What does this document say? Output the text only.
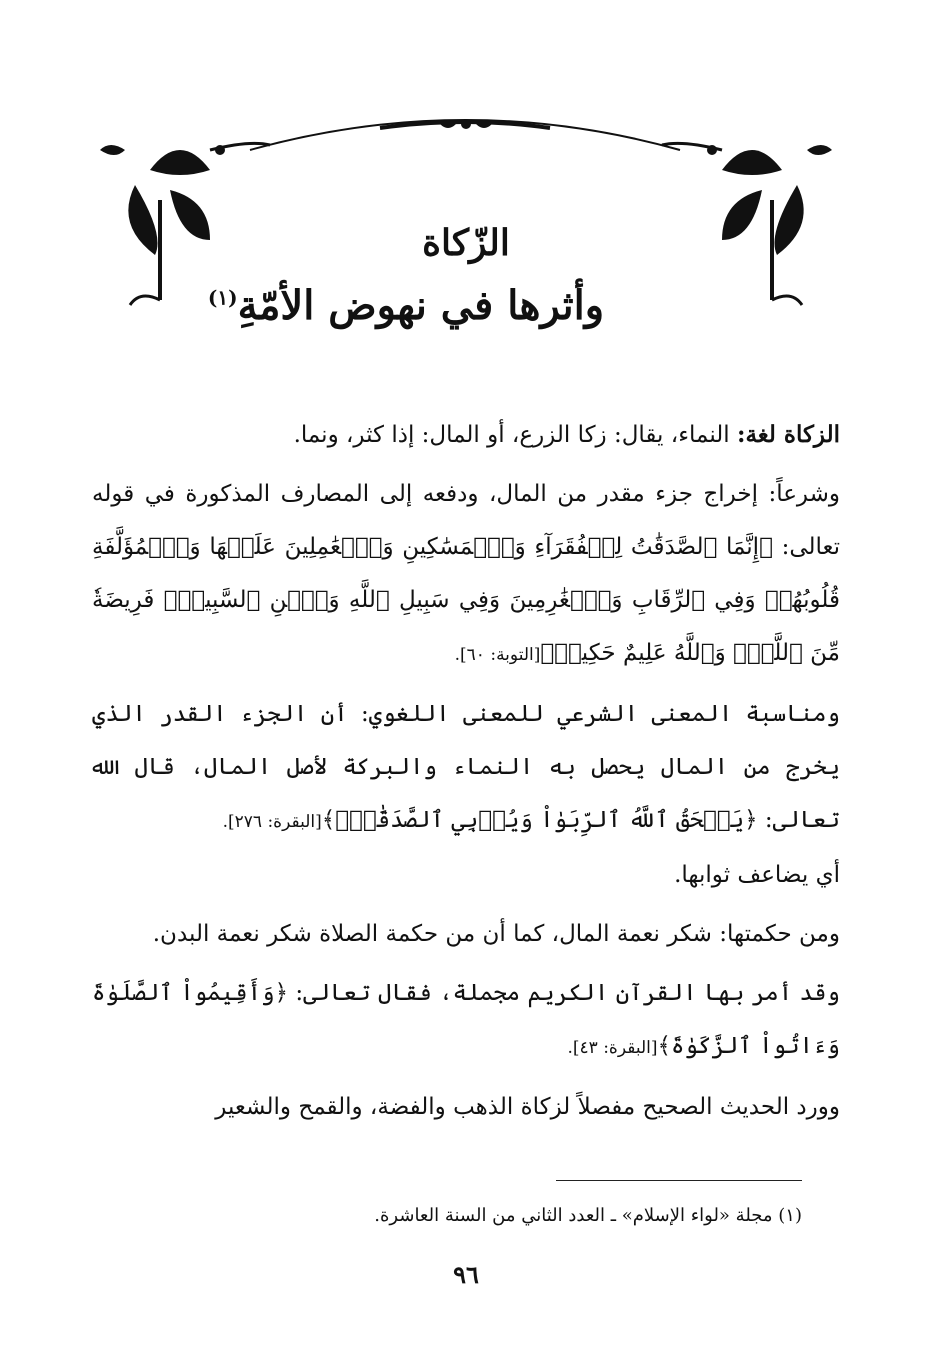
الزّكاة
وأثرها في نهوض الأمّةِ$^{(١)}$

الزكاة لغة: النماء، يقال: زكا الزرع، أو المال: إذا كثر، ونما.

وشرعاً: إخراج جزء مقدر من المال، ودفعه إلى المصارف المذكورة في قوله تعالى: ﴿إِنَّمَا ٱلصَّدَقَٰتُ لِلۡفُقَرَآءِ وَٱلۡمَسَٰكِينِ وَٱلۡعَٰمِلِينَ عَلَيۡهَا وَٱلۡمُؤَلَّفَةِ قُلُوبُهُمۡ وَفِي ٱلرِّقَابِ وَٱلۡغَٰرِمِينَ وَفِي سَبِيلِ ٱللَّهِ وَٱبۡنِ ٱلسَّبِيلِۖ فَرِيضَةٗ مِّنَ ٱللَّهِۗ وَٱللَّهُ عَلِيمٌ حَكِيمٞ﴾[التوبة: ٦٠].

ومناسبة المعنى الشرعي للمعنى اللغوي: أن الجزء القدر الذي يخرج من المال يحصل به النماء والبركة لأصل المال، قال الله تعالى: ﴿يَمۡحَقُ ٱللَّهُ ٱلرِّبَوٰاْ وَيُرۡبِي ٱلصَّدَقَٰتِۗ﴾[البقرة: ٢٧٦].

أي يضاعف ثوابها.

ومن حكمتها: شكر نعمة المال، كما أن من حكمة الصلاة شكر نعمة البدن.

وقد أمر بها القرآن الكريم مجملة، فقال تعالى: ﴿وَأَقِيمُواْ ٱلصَّلَوٰةَ وَءَاتُواْ ٱلزَّكَوٰةَ﴾[البقرة: ٤٣].

وورد الحديث الصحيح مفصلاً لزكاة الذهب والفضة، والقمح والشعير

(١) مجلة «لواء الإسلام» ـ العدد الثاني من السنة العاشرة.
٩٦
